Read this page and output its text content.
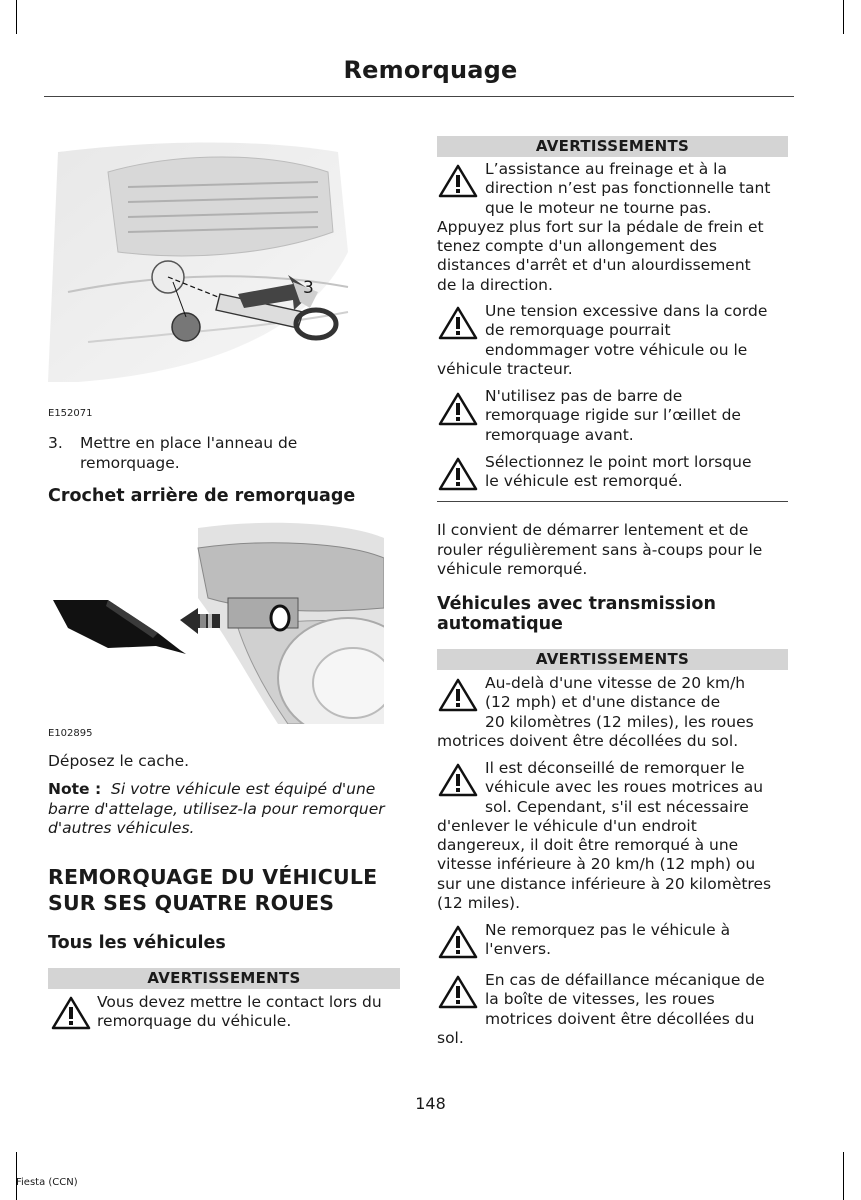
Remorquage
3
E152071
3. Mettre en place l'anneau de
remorquage.
Crochet arrière de remorquage
E102895
Déposez le cache.
Note : Si votre véhicule est équipé d'une
barre d'attelage, utilisez-la pour remorquer
d'autres véhicules.
REMORQUAGE DU VÉHICULE
SUR SES QUATRE ROUES
Tous les véhicules
AVERTISSEMENTS
Vous devez mettre le contact lors du
remorquage du véhicule.
AVERTISSEMENTS
L’assistance au freinage et à la
direction n’est pas fonctionnelle tant
que le moteur ne tourne pas.
Appuyez plus fort sur la pédale de frein et
tenez compte d'un allongement des
distances d'arrêt et d'un alourdissement
de la direction.
Une tension excessive dans la corde
de remorquage pourrait
endommager votre véhicule ou le
véhicule tracteur.
N'utilisez pas de barre de
remorquage rigide sur l’œillet de
remorquage avant.
Sélectionnez le point mort lorsque
le véhicule est remorqué.
Il convient de démarrer lentement et de
rouler régulièrement sans à-coups pour le
véhicule remorqué.
Véhicules avec transmission
automatique
AVERTISSEMENTS
Au-delà d'une vitesse de 20 km/h
(12 mph) et d'une distance de
20 kilomètres (12 miles), les roues
motrices doivent être décollées du sol.
Il est déconseillé de remorquer le
véhicule avec les roues motrices au
sol. Cependant, s'il est nécessaire
d'enlever le véhicule d'un endroit
dangereux, il doit être remorqué à une
vitesse inférieure à 20 km/h (12 mph) ou
sur une distance inférieure à 20 kilomètres
(12 miles).
Ne remorquez pas le véhicule à
l'envers.
En cas de défaillance mécanique de
la boîte de vitesses, les roues
motrices doivent être décollées du
sol.
148
Fiesta (CCN)
